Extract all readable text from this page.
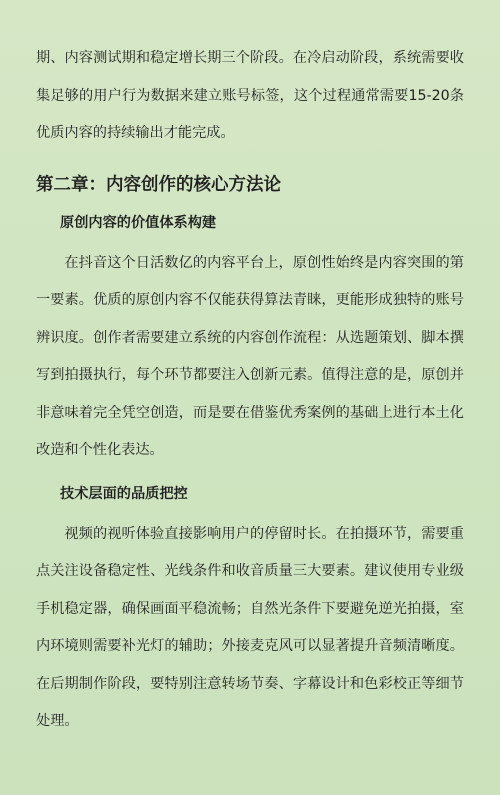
期、内容测试期和稳定增长期三个阶段。在冷启动阶段，系统需要收集足够的用户行为数据来建立账号标签，这个过程通常需要15-20条优质内容的持续输出才能完成。

第二章：内容创作的核心方法论
原创内容的价值体系构建

在抖音这个日活数亿的内容平台上，原创性始终是内容突围的第一要素。优质的原创内容不仅能获得算法青睐，更能形成独特的账号辨识度。创作者需要建立系统的内容创作流程：从选题策划、脚本撰写到拍摄执行，每个环节都要注入创新元素。值得注意的是，原创并非意味着完全凭空创造，而是要在借鉴优秀案例的基础上进行本土化改造和个性化表达。

技术层面的品质把控

视频的视听体验直接影响用户的停留时长。在拍摄环节，需要重点关注设备稳定性、光线条件和收音质量三大要素。建议使用专业级手机稳定器，确保画面平稳流畅；自然光条件下要避免逆光拍摄，室内环境则需要补光灯的辅助；外接麦克风可以显著提升音频清晰度。在后期制作阶段，要特别注意转场节奏、字幕设计和色彩校正等细节处理。
